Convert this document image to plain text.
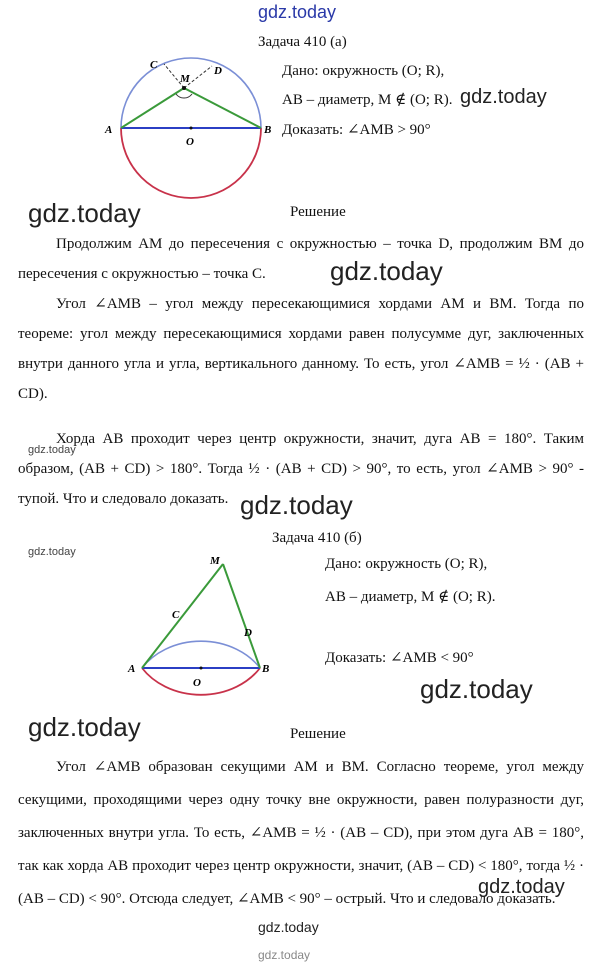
gdz.today
Задача 410 (а)
A	B
O
M
C	D	Дано: окружность (O; R),
AB – диаметр, M ∉ (O; R). gdz.today
Доказать: ∠AMB > 90°
gdz.today	Решение
Продолжим AM до пересечения с окружностью – точка D, продолжим BM до пересечения с окружностью – точка C.	gdz.today
Угол ∠AMB – угол между пересекающимися хордами AM и BM. Тогда по теореме: угол между пересекающимися хордами равен полусумме дуг, заключенных внутри данного угла и угла, вертикального данному. То есть, угол ∠AMB = ½ · (AB + CD).
Хорда AB проходит через центр окружности, значит, дуга AB = 180°. Таким образом, (AB + CD) > 180°. Тогда ½ · (AB + CD) > 90°, то есть, угол ∠AMB > 90° - тупой. Что и следовало доказать.
gdz.today
gdz.today
Задача 410 (б)
gdz.today
A	B
O
M
C
D
Дано: окружность (O; R),
AB – диаметр, M ∉ (O; R).
Доказать: ∠AMB < 90°
gdz.today
gdz.today	Решение
Угол ∠AMB образован секущими AM и BM. Согласно теореме, угол между секущими, проходящими через одну точку вне окружности, равен полуразности дуг, заключенных внутри угла. То есть, ∠AMB = ½ · (AB – CD), при этом дуга AB = 180°, так как хорда AB проходит через центр окружности, значит, (AB – CD) < 180°, тогда ½ · (AB – CD) < 90°. Отсюда следует, ∠AMB < 90° – острый. Что и следовало доказать.
gdz.today
gdz.today
gdz.today
